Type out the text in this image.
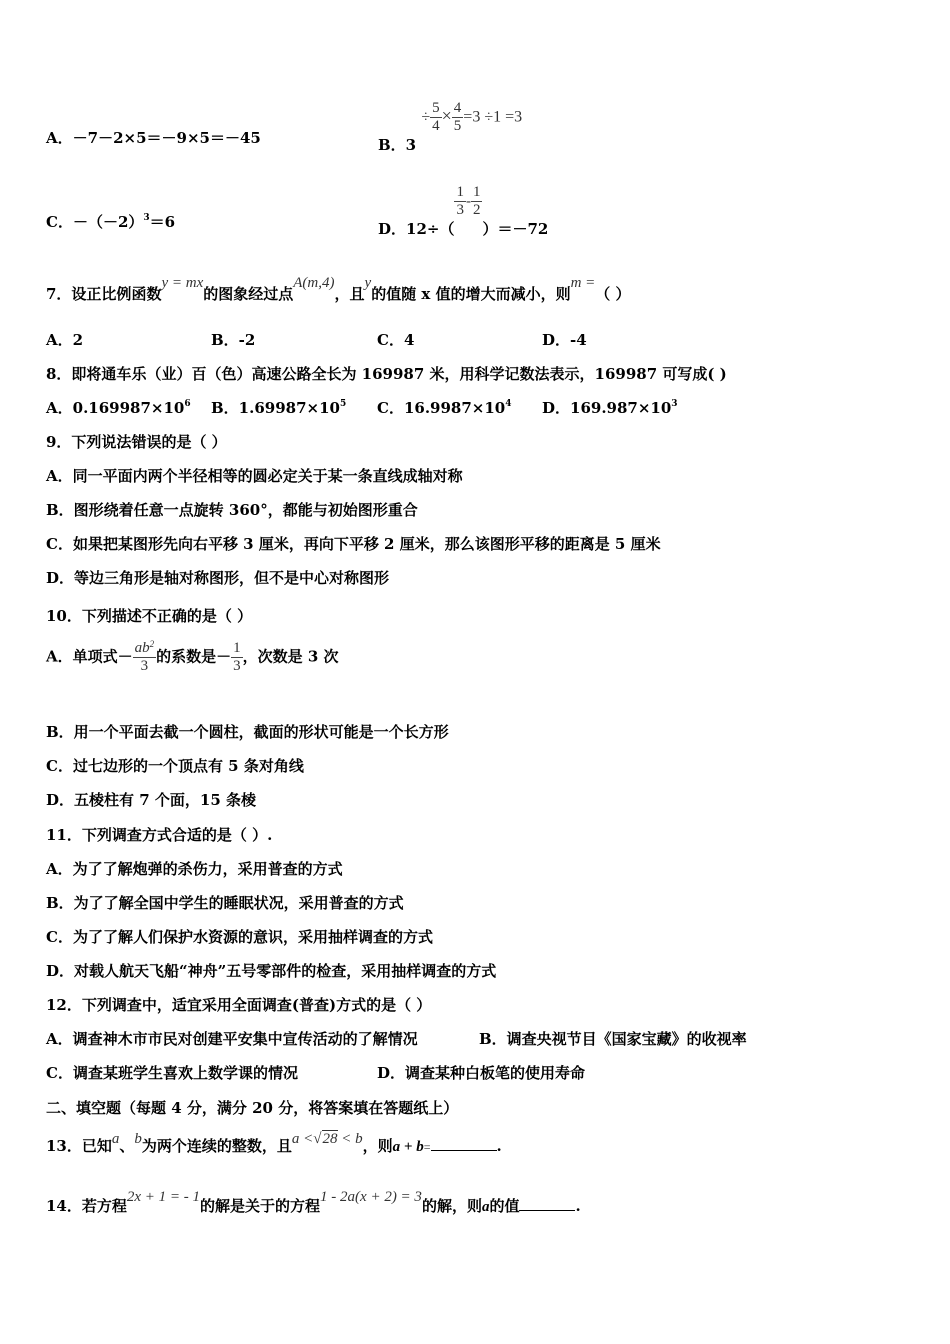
A．－7－2×5＝－9×5＝－45	B．$3 \div \frac{5}{4} \times \frac{4}{5} =3 \div 1 =3$
C．$-(-2)^3=6$	D．12÷（
$\frac{1}{3} - \frac{1}{2}$
）＝－72
7．设正比例函数y = mx的图象经过点A(m,4)，且y的值随 x 值的增大而减小，则m =（ ）
A．2	B．-2	C．4	D．-4
8．即将通车乐（业）百（色）高速公路全长为 169987 米，用科学记数法表示，169987 可写成( )
A．$0.169987\times 10^6$ B．$1.69987\times 10^5$ C．$16.9987\times 10^4$ D．$169.987\times 10^3$
9．下列说法错误的是（ ）
A．同一平面内两个半径相等的圆必定关于某一条直线成轴对称
B．图形绕着任意一点旋转 360°，都能与初始图形重合
C．如果把某图形先向右平移 3 厘米，再向下平移 2 厘米，那么该图形平移的距离是 5 厘米
D．等边三角形是轴对称图形，但不是中心对称图形
10．下列描述不正确的是（ ）
A．单项式－ $\frac{ab^2}{3}$ 的系数是－ $\frac{1}{3}$ ，次数是 3 次
B．用一个平面去截一个圆柱，截面的形状可能是一个长方形
C．过七边形的一个顶点有 5 条对角线
D．五棱柱有 7 个面，15 条棱
11．下列调查方式合适的是（ ）.
A．为了了解炮弹的杀伤力，采用普查的方式
B．为了了解全国中学生的睡眠状况，采用普查的方式
C．为了了解人们保护水资源的意识，采用抽样调查的方式
D．对载人航天飞船“神舟”五号零部件的检查，采用抽样调查的方式
12．下列调查中，适宜采用全面调查(普查)方式的是（ ）
A．调查神木市市民对创建平安集中宣传活动的了解情况	B．调查央视节目《国家宝藏》的收视率
C．调查某班学生喜欢上数学课的情况	D．调查某种白板笔的使用寿命
二、填空题（每题 4 分，满分 20 分，将答案填在答题纸上）
13．已知a、b为两个连续的整数，且a <√28 < b，则a + b=	.
14．若方程2x + 1 = - 1的解是关于的方程1 - 2a(x + 2) = 3的解，则a的值	.
